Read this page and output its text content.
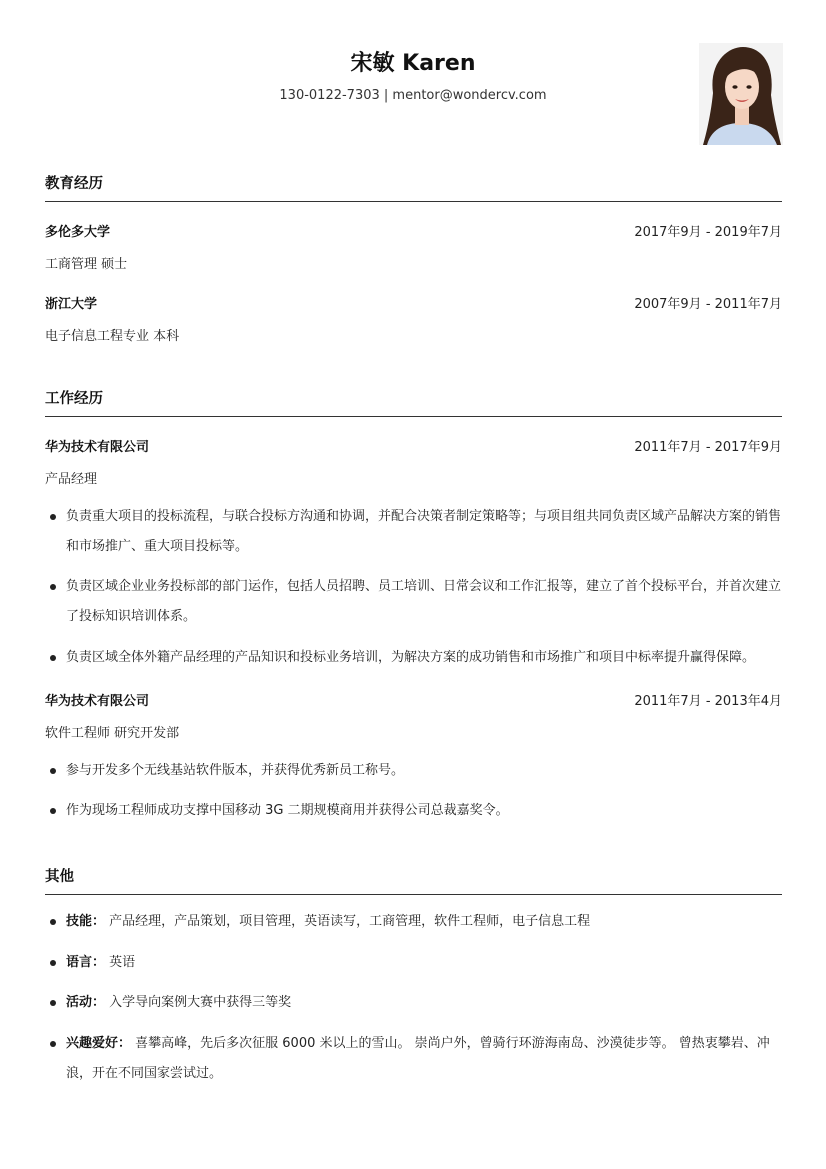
宋敏 Karen
130-0122-7303 | mentor@wondercv.com
教育经历
多伦多大学	2017年9月 - 2019年7月
工商管理 硕士
浙江大学	2007年9月 - 2011年7月
电子信息工程专业 本科
工作经历
华为技术有限公司	2011年7月 - 2017年9月
产品经理
负责重大项目的投标流程，与联合投标方沟通和协调，并配合决策者制定策略等；与项目组共同负责区域产品解决方案的销售和市场推广、重大项目投标等。
负责区域企业业务投标部的部门运作，包括人员招聘、员工培训、日常会议和工作汇报等，建立了首个投标平台，并首次建立了投标知识培训体系。
负责区域全体外籍产品经理的产品知识和投标业务培训，为解决方案的成功销售和市场推广和项目中标率提升赢得保障。
华为技术有限公司	2011年7月 - 2013年4月
软件工程师 研究开发部
参与开发多个无线基站软件版本，并获得优秀新员工称号。
作为现场工程师成功支撑中国移动 3G 二期规模商用并获得公司总裁嘉奖令。
其他
技能： 产品经理，产品策划，项目管理，英语读写，工商管理，软件工程师，电子信息工程
语言： 英语
活动： 入学导向案例大赛中获得三等奖
兴趣爱好： 喜攀高峰，先后多次征服 6000 米以上的雪山。 崇尚户外，曾骑行环游海南岛、沙漠徒步等。 曾热衷攀岩、冲浪，开在不同国家尝试过。
